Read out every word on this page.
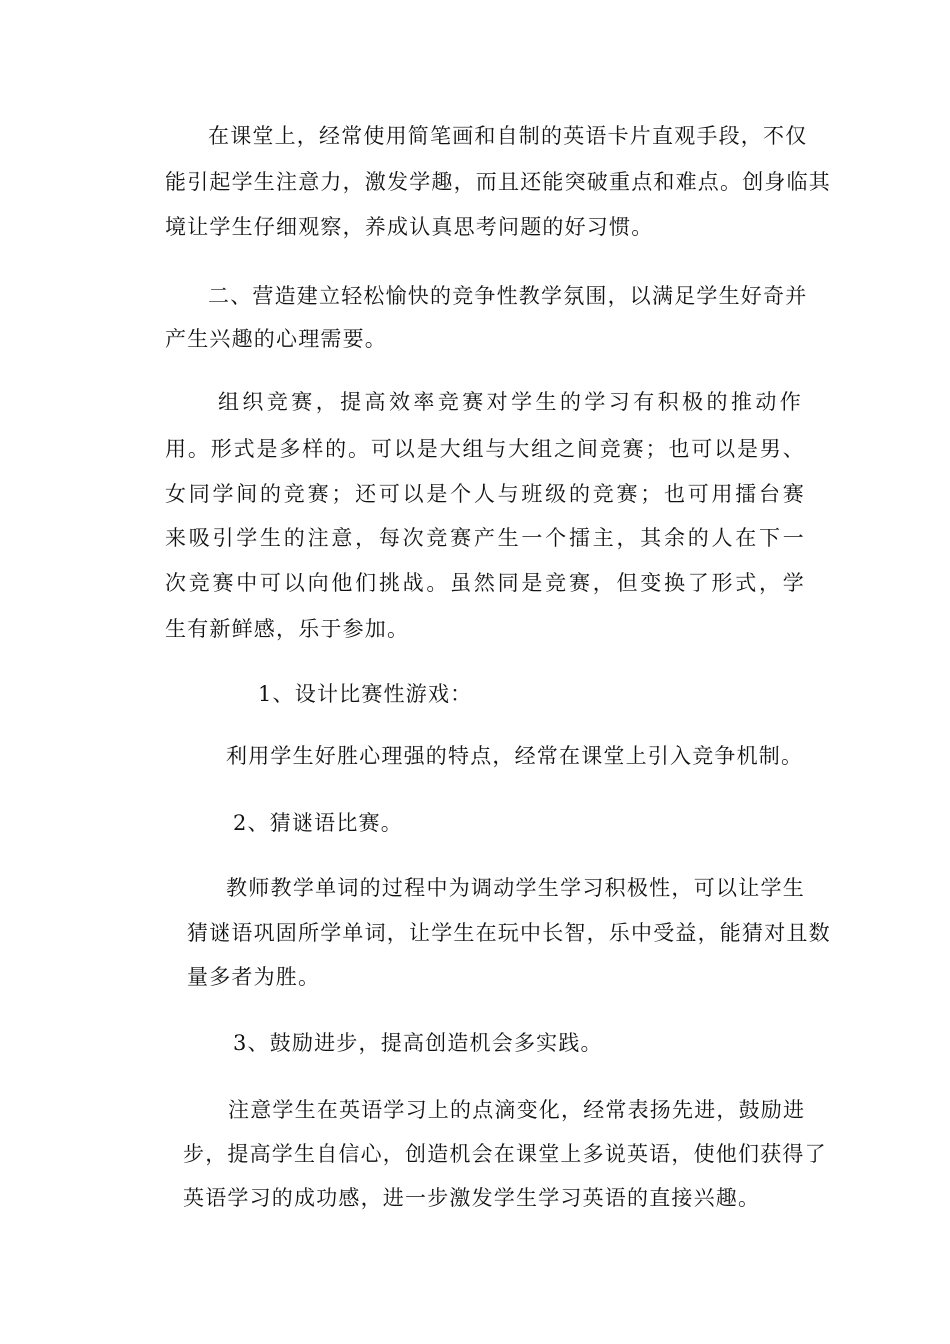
在课堂上，经常使用简笔画和自制的英语卡片直观手段，不仅
能引起学生注意力，激发学趣，而且还能突破重点和难点。创身临其
境让学生仔细观察，养成认真思考问题的好习惯。
二、营造建立轻松愉快的竞争性教学氛围，以满足学生好奇并
产生兴趣的心理需要。
组织竞赛，提高效率竞赛对学生的学习有积极的推动作
用。形式是多样的。可以是大组与大组之间竞赛；也可以是男、
女同学间的竞赛；还可以是个人与班级的竞赛；也可用擂台赛
来吸引学生的注意，每次竞赛产生一个擂主，其余的人在下一
次竞赛中可以向他们挑战。虽然同是竞赛，但变换了形式，学
生有新鲜感，乐于参加。
1、设计比赛性游戏：
利用学生好胜心理强的特点，经常在课堂上引入竞争机制。
2、猜谜语比赛。
教师教学单词的过程中为调动学生学习积极性，可以让学生
猜谜语巩固所学单词，让学生在玩中长智，乐中受益，能猜对且数
量多者为胜。
3、鼓励进步，提高创造机会多实践。
注意学生在英语学习上的点滴变化，经常表扬先进，鼓励进
步，提高学生自信心，创造机会在课堂上多说英语，使他们获得了
英语学习的成功感，进一步激发学生学习英语的直接兴趣。
